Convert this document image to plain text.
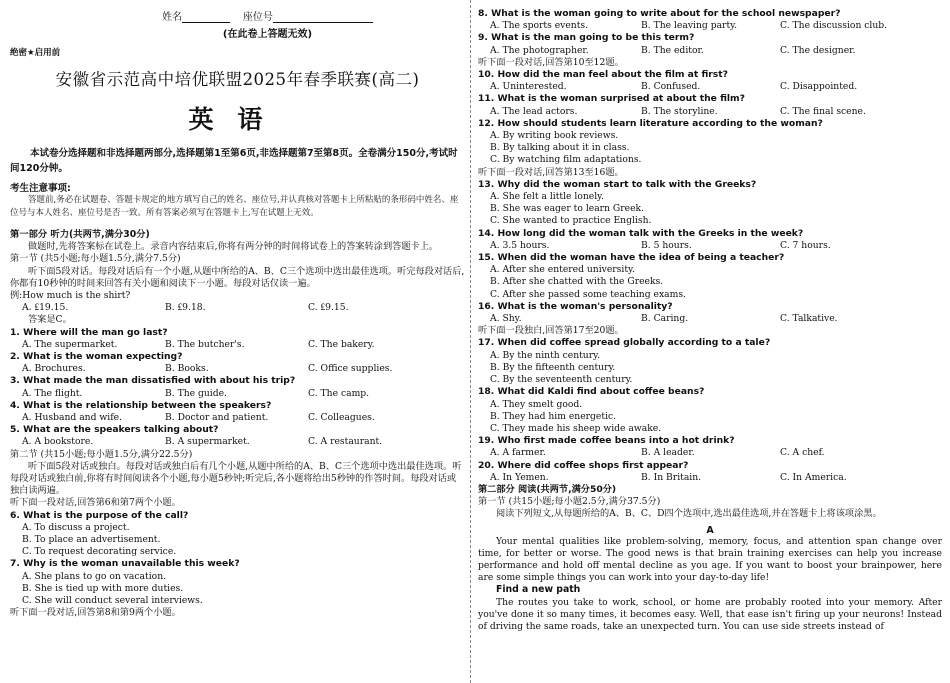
姓名	座位号
(在此卷上答题无效)
绝密★启用前
安徽省示范高中培优联盟2025年春季联赛(高二)
英语
本试卷分选择题和非选择题两部分,选择题第1至第6页,非选择题第7至第8页。全卷满分150分,考试时间120分钟。
考生注意事项:
答题前,务必在试题卷、答题卡规定的地方填写自己的姓名、座位号,并认真核对答题卡上所粘贴的条形码中姓名、座位号与本人姓名、座位号是否一致。所有答案必须写在答题卡上,写在试题上无效。
第一部分 听力(共两节,满分30分)
做题时,先将答案标在试卷上。录音内容结束后,你将有两分钟的时间将试卷上的答案转涂到答题卡上。
第一节 (共5小题;每小题1.5分,满分7.5分)
听下面5段对话。每段对话后有一个小题,从题中所给的A、B、C三个选项中选出最佳选项。听完每段对话后,你都有10秒钟的时间来回答有关小题和阅读下一小题。每段对话仅读一遍。
例:How much is the shirt?
A. ₤19.15.	B. ₤9.18.	C. ₤9.15.
答案是C。
1. Where will the man go last?
A. The supermarket.	B. The butcher's.	C. The bakery.
2. What is the woman expecting?
A. Brochures.	B. Books.	C. Office supplies.
3. What made the man dissatisfied with about his trip?
A. The flight.	B. The guide.	C. The camp.
4. What is the relationship between the speakers?
A. Husband and wife.	B. Doctor and patient.	C. Colleagues.
5. What are the speakers talking about?
A. A bookstore.	B. A supermarket.	C. A restaurant.
第二节 (共15小题;每小题1.5分,满分22.5分)
听下面5段对话或独白。每段对话或独白后有几个小题,从题中所给的A、B、C三个选项中选出最佳选项。听每段对话或独白前,你将有时间阅读各个小题,每小题5秒钟;听完后,各小题将给出5秒钟的作答时间。每段对话或独白读两遍。
听下面一段对话,回答第6和第7两个小题。
6. What is the purpose of the call?
A. To discuss a project.
B. To place an advertisement.
C. To request decorating service.
7. Why is the woman unavailable this week?
A. She plans to go on vacation.
B. She is tied up with more duties.
C. She will conduct several interviews.
听下面一段对话,回答第8和第9两个小题。
8. What is the woman going to write about for the school newspaper?
A. The sports events.	B. The leaving party.	C. The discussion club.
9. What is the man going to be this term?
A. The photographer.	B. The editor.	C. The designer.
听下面一段对话,回答第10至12题。
10. How did the man feel about the film at first?
A. Uninterested.	B. Confused.	C. Disappointed.
11. What is the woman surprised at about the film?
A. The lead actors.	B. The storyline.	C. The final scene.
12. How should students learn literature according to the woman?
A. By writing book reviews.
B. By talking about it in class.
C. By watching film adaptations.
听下面一段对话,回答第13至16题。
13. Why did the woman start to talk with the Greeks?
A. She felt a little lonely.
B. She was eager to learn Greek.
C. She wanted to practice English.
14. How long did the woman talk with the Greeks in the week?
A. 3.5 hours.	B. 5 hours.	C. 7 hours.
15. When did the woman have the idea of being a teacher?
A. After she entered university.
B. After she chatted with the Greeks.
C. After she passed some teaching exams.
16. What is the woman's personality?
A. Shy.	B. Caring.	C. Talkative.
听下面一段独白,回答第17至20题。
17. When did coffee spread globally according to a tale?
A. By the ninth century.
B. By the fifteenth century.
C. By the seventeenth century.
18. What did Kaldi find about coffee beans?
A. They smelt good.
B. They had him energetic.
C. They made his sheep wide awake.
19. Who first made coffee beans into a hot drink?
A. A farmer.	B. A leader.	C. A chef.
20. Where did coffee shops first appear?
A. In Yemen.	B. In Britain.	C. In America.
第二部分 阅读(共两节,满分50分)
第一节 (共15小题;每小题2.5分,满分37.5分)
阅读下列短文,从每题所给的A、B、C、D四个选项中,选出最佳选项,并在答题卡上将该项涂黑。
A
Your mental qualities like problem-solving, memory, focus, and attention span change over time, for better or worse. The good news is that brain training exercises can help you increase performance and hold off mental decline as you age. If you want to boost your brainpower, here are some simple things you can work into your day-to-day life!
Find a new path
The routes you take to work, school, or home are probably rooted into your memory. After you've done it so many times, it becomes easy. Well, that ease isn't firing up your neurons! Instead of driving the same roads, take an unexpected turn. You can use side streets instead of
